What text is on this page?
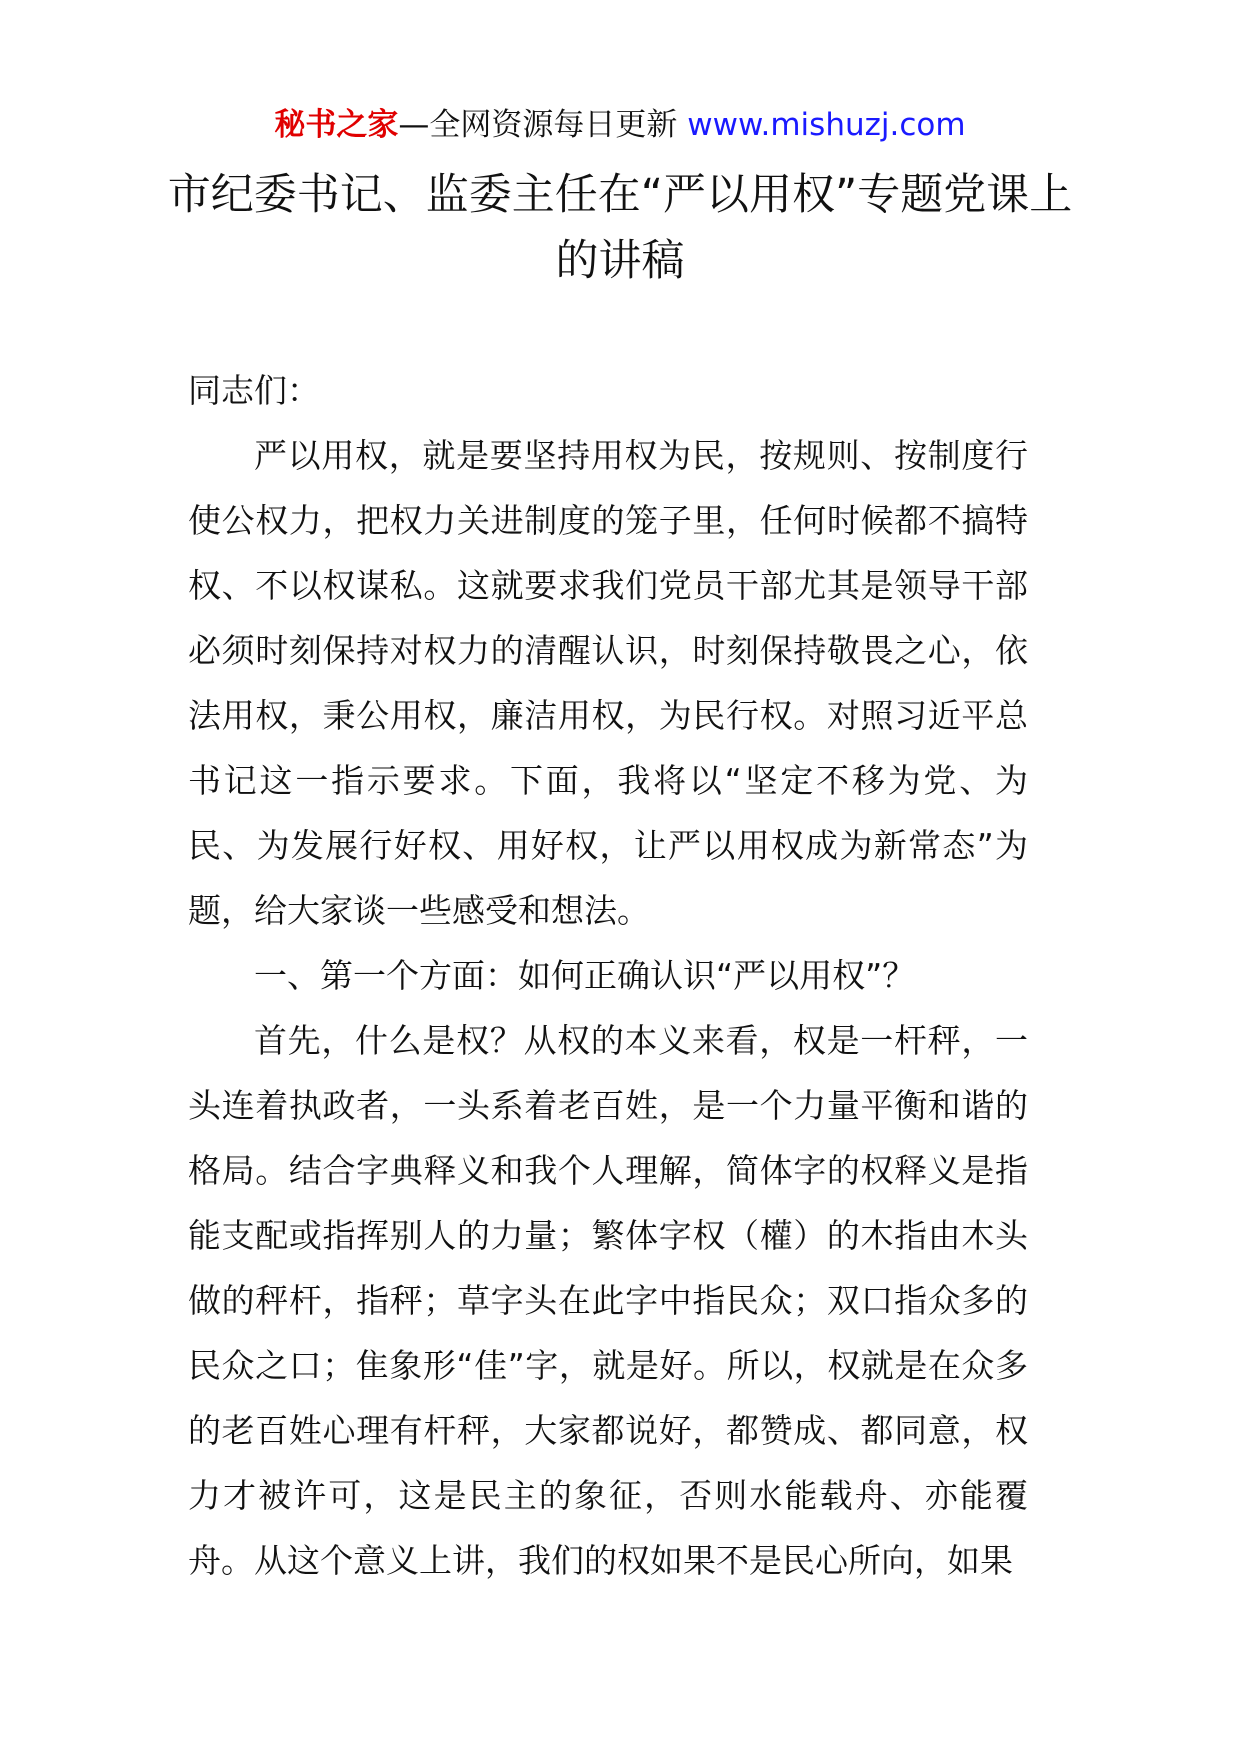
秘书之家—全网资源每日更新 www.mishuzj.com
市纪委书记、监委主任在“严以用权”专题党课上的讲稿

同志们：

严以用权，就是要坚持用权为民，按规则、按制度行使公权力，把权力关进制度的笼子里，任何时候都不搞特权、不以权谋私。这就要求我们党员干部尤其是领导干部必须时刻保持对权力的清醒认识，时刻保持敬畏之心，依法用权，秉公用权，廉洁用权，为民行权。对照习近平总书记这一指示要求。下面，我将以“坚定不移为党、为民、为发展行好权、用好权，让严以用权成为新常态”为题，给大家谈一些感受和想法。

一、第一个方面：如何正确认识“严以用权”？

首先，什么是权？从权的本义来看，权是一杆秤，一头连着执政者，一头系着老百姓，是一个力量平衡和谐的格局。结合字典释义和我个人理解，简体字的权释义是指能支配或指挥别人的力量；繁体字权（權）的木指由木头做的秤杆，指秤；草字头在此字中指民众；双口指众多的民众之口；隹象形“佳”字，就是好。所以，权就是在众多的老百姓心理有杆秤，大家都说好，都赞成、都同意，权力才被许可，这是民主的象征，否则水能载舟、亦能覆舟。从这个意义上讲，我们的权如果不是民心所向，如果
